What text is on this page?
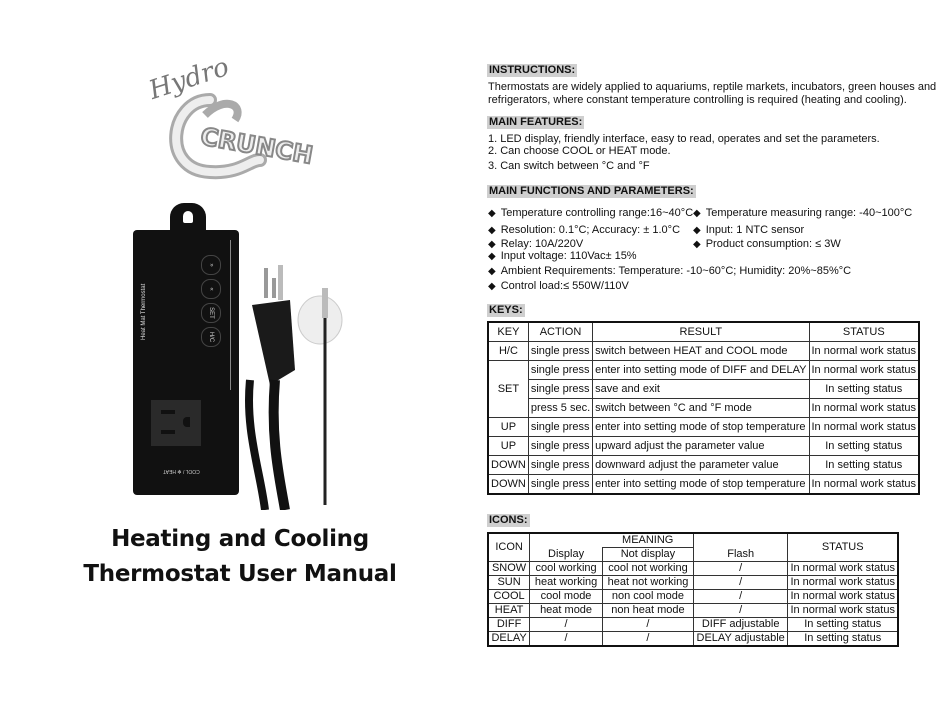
Hydro
CRUNCH
Heat Mat Thermostat
»
«
SET
H/C
COOL / ✻ HEAT
Heating and Cooling
Thermostat User Manual
INSTRUCTIONS:
Thermostats are widely applied to aquariums, reptile markets, incubators, green houses and
refrigerators, where constant temperature controlling is required (heating and cooling).
MAIN FEATURES:
1. LED display, friendly interface, easy to read, operates and set the parameters.
2. Can choose COOL or HEAT mode.
3. Can switch between °C and °F
MAIN FUNCTIONS AND PARAMETERS:
◆ Temperature controlling range:16~40°C	◆ Temperature measuring range: -40~100°C
◆ Resolution: 0.1°C; Accuracy: ± 1.0°C	◆ Input: 1 NTC sensor
◆ Relay: 10A/220V	◆ Product consumption: ≤ 3W
◆ Input voltage: 110Vac± 15%
◆ Ambient Requirements: Temperature: -10~60°C; Humidity: 20%~85%°C
◆ Control load:≤ 550W/110V
KEYS:
KEY	ACTION	RESULT	STATUS
H/C	single press	switch between HEAT and COOL mode	In normal work status
SET	single press	enter into setting mode of DIFF and DELAY	In normal work status
	single press	save and exit	In setting status
	press 5 sec.	switch between °C and °F mode	In normal work status
UP	single press	enter into setting mode of stop temperature	In normal work status
UP	single press	upward adjust the parameter value	In setting status
DOWN	single press	downward adjust the parameter value	In setting status
DOWN	single press	enter into setting mode of stop temperature	In normal work status
ICONS:
ICON		MEANING		STATUS
	Display	Not display	Flash	
SNOW	cool working	cool not working	/	In normal work status
SUN	heat working	heat not working	/	In normal work status
COOL	cool mode	non cool mode	/	In normal work status
HEAT	heat mode	non heat mode	/	In normal work status
DIFF	/	/	DIFF adjustable	In setting status
DELAY	/	/	DELAY adjustable	In setting status
